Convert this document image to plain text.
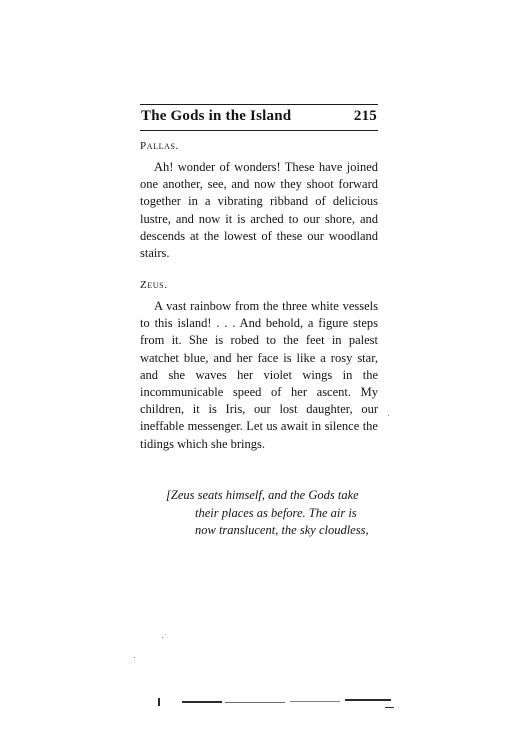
The Gods in the Island	215
Pallas.

Ah! wonder of wonders! These have joined one another, see, and now they shoot forward together in a vibrating ribband of delicious lustre, and now it is arched to our shore, and descends at the lowest of these our woodland stairs.

Zeus.

A vast rainbow from the three white vessels to this island! . . . And behold, a figure steps from it. She is robed to the feet in palest watchet blue, and her face is like a rosy star, and she waves her violet wings in the incommunicable speed of her ascent. My children, it is Iris, our lost daughter, our ineffable messenger. Let us await in silence the tidings which she brings.

[Zeus seats himself, and the Gods take
their places as before. The air is
now translucent, the sky cloudless,
